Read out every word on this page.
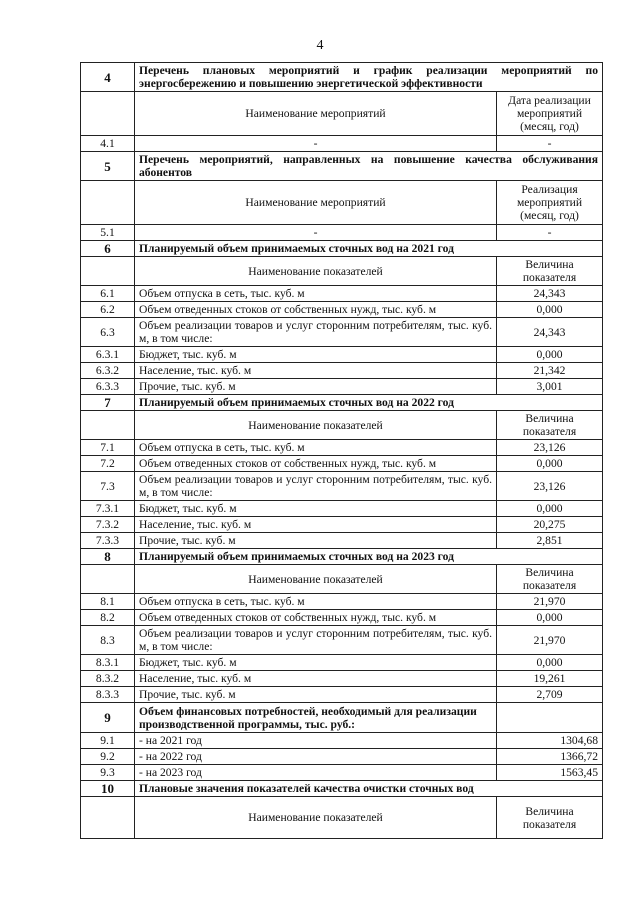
4
4	Перечень плановых мероприятий и график реализации мероприятий по энергосбережению и повышению энергетической эффективности	
	Наименование мероприятий	Дата реализации мероприятий (месяц, год)
4.1	-	-
5	Перечень мероприятий, направленных на повышение качества обслуживания абонентов	
	Наименование мероприятий	Реализация мероприятий (месяц, год)
5.1	-	-
6	Планируемый объем принимаемых сточных вод на 2021 год	
	Наименование показателей	Величина показателя
6.1	Объем отпуска в сеть, тыс. куб. м	24,343
6.2	Объем отведенных стоков от собственных нужд, тыс. куб. м	0,000
6.3	Объем реализации товаров и услуг сторонним потребителям, тыс. куб. м, в том числе:	24,343
6.3.1	Бюджет, тыс. куб. м	0,000
6.3.2	Население, тыс. куб. м	21,342
6.3.3	Прочие, тыс. куб. м	3,001
7	Планируемый объем принимаемых сточных вод на 2022 год	
	Наименование показателей	Величина показателя
7.1	Объем отпуска в сеть, тыс. куб. м	23,126
7.2	Объем отведенных стоков от собственных нужд, тыс. куб. м	0,000
7.3	Объем реализации товаров и услуг сторонним потребителям, тыс. куб. м, в том числе:	23,126
7.3.1	Бюджет, тыс. куб. м	0,000
7.3.2	Население, тыс. куб. м	20,275
7.3.3	Прочие, тыс. куб. м	2,851
8	Планируемый объем принимаемых сточных вод на 2023 год	
	Наименование показателей	Величина показателя
8.1	Объем отпуска в сеть, тыс. куб. м	21,970
8.2	Объем отведенных стоков от собственных нужд, тыс. куб. м	0,000
8.3	Объем реализации товаров и услуг сторонним потребителям, тыс. куб. м, в том числе:	21,970
8.3.1	Бюджет, тыс. куб. м	0,000
8.3.2	Население, тыс. куб. м	19,261
8.3.3	Прочие, тыс. куб. м	2,709
9	Объем финансовых потребностей, необходимый для реализации производственной программы, тыс. руб.:	
9.1	- на 2021 год	1304,68
9.2	- на 2022 год	1366,72
9.3	- на 2023 год	1563,45
10	Плановые значения показателей качества очистки сточных вод	
	Наименование показателей	Величина показателя
